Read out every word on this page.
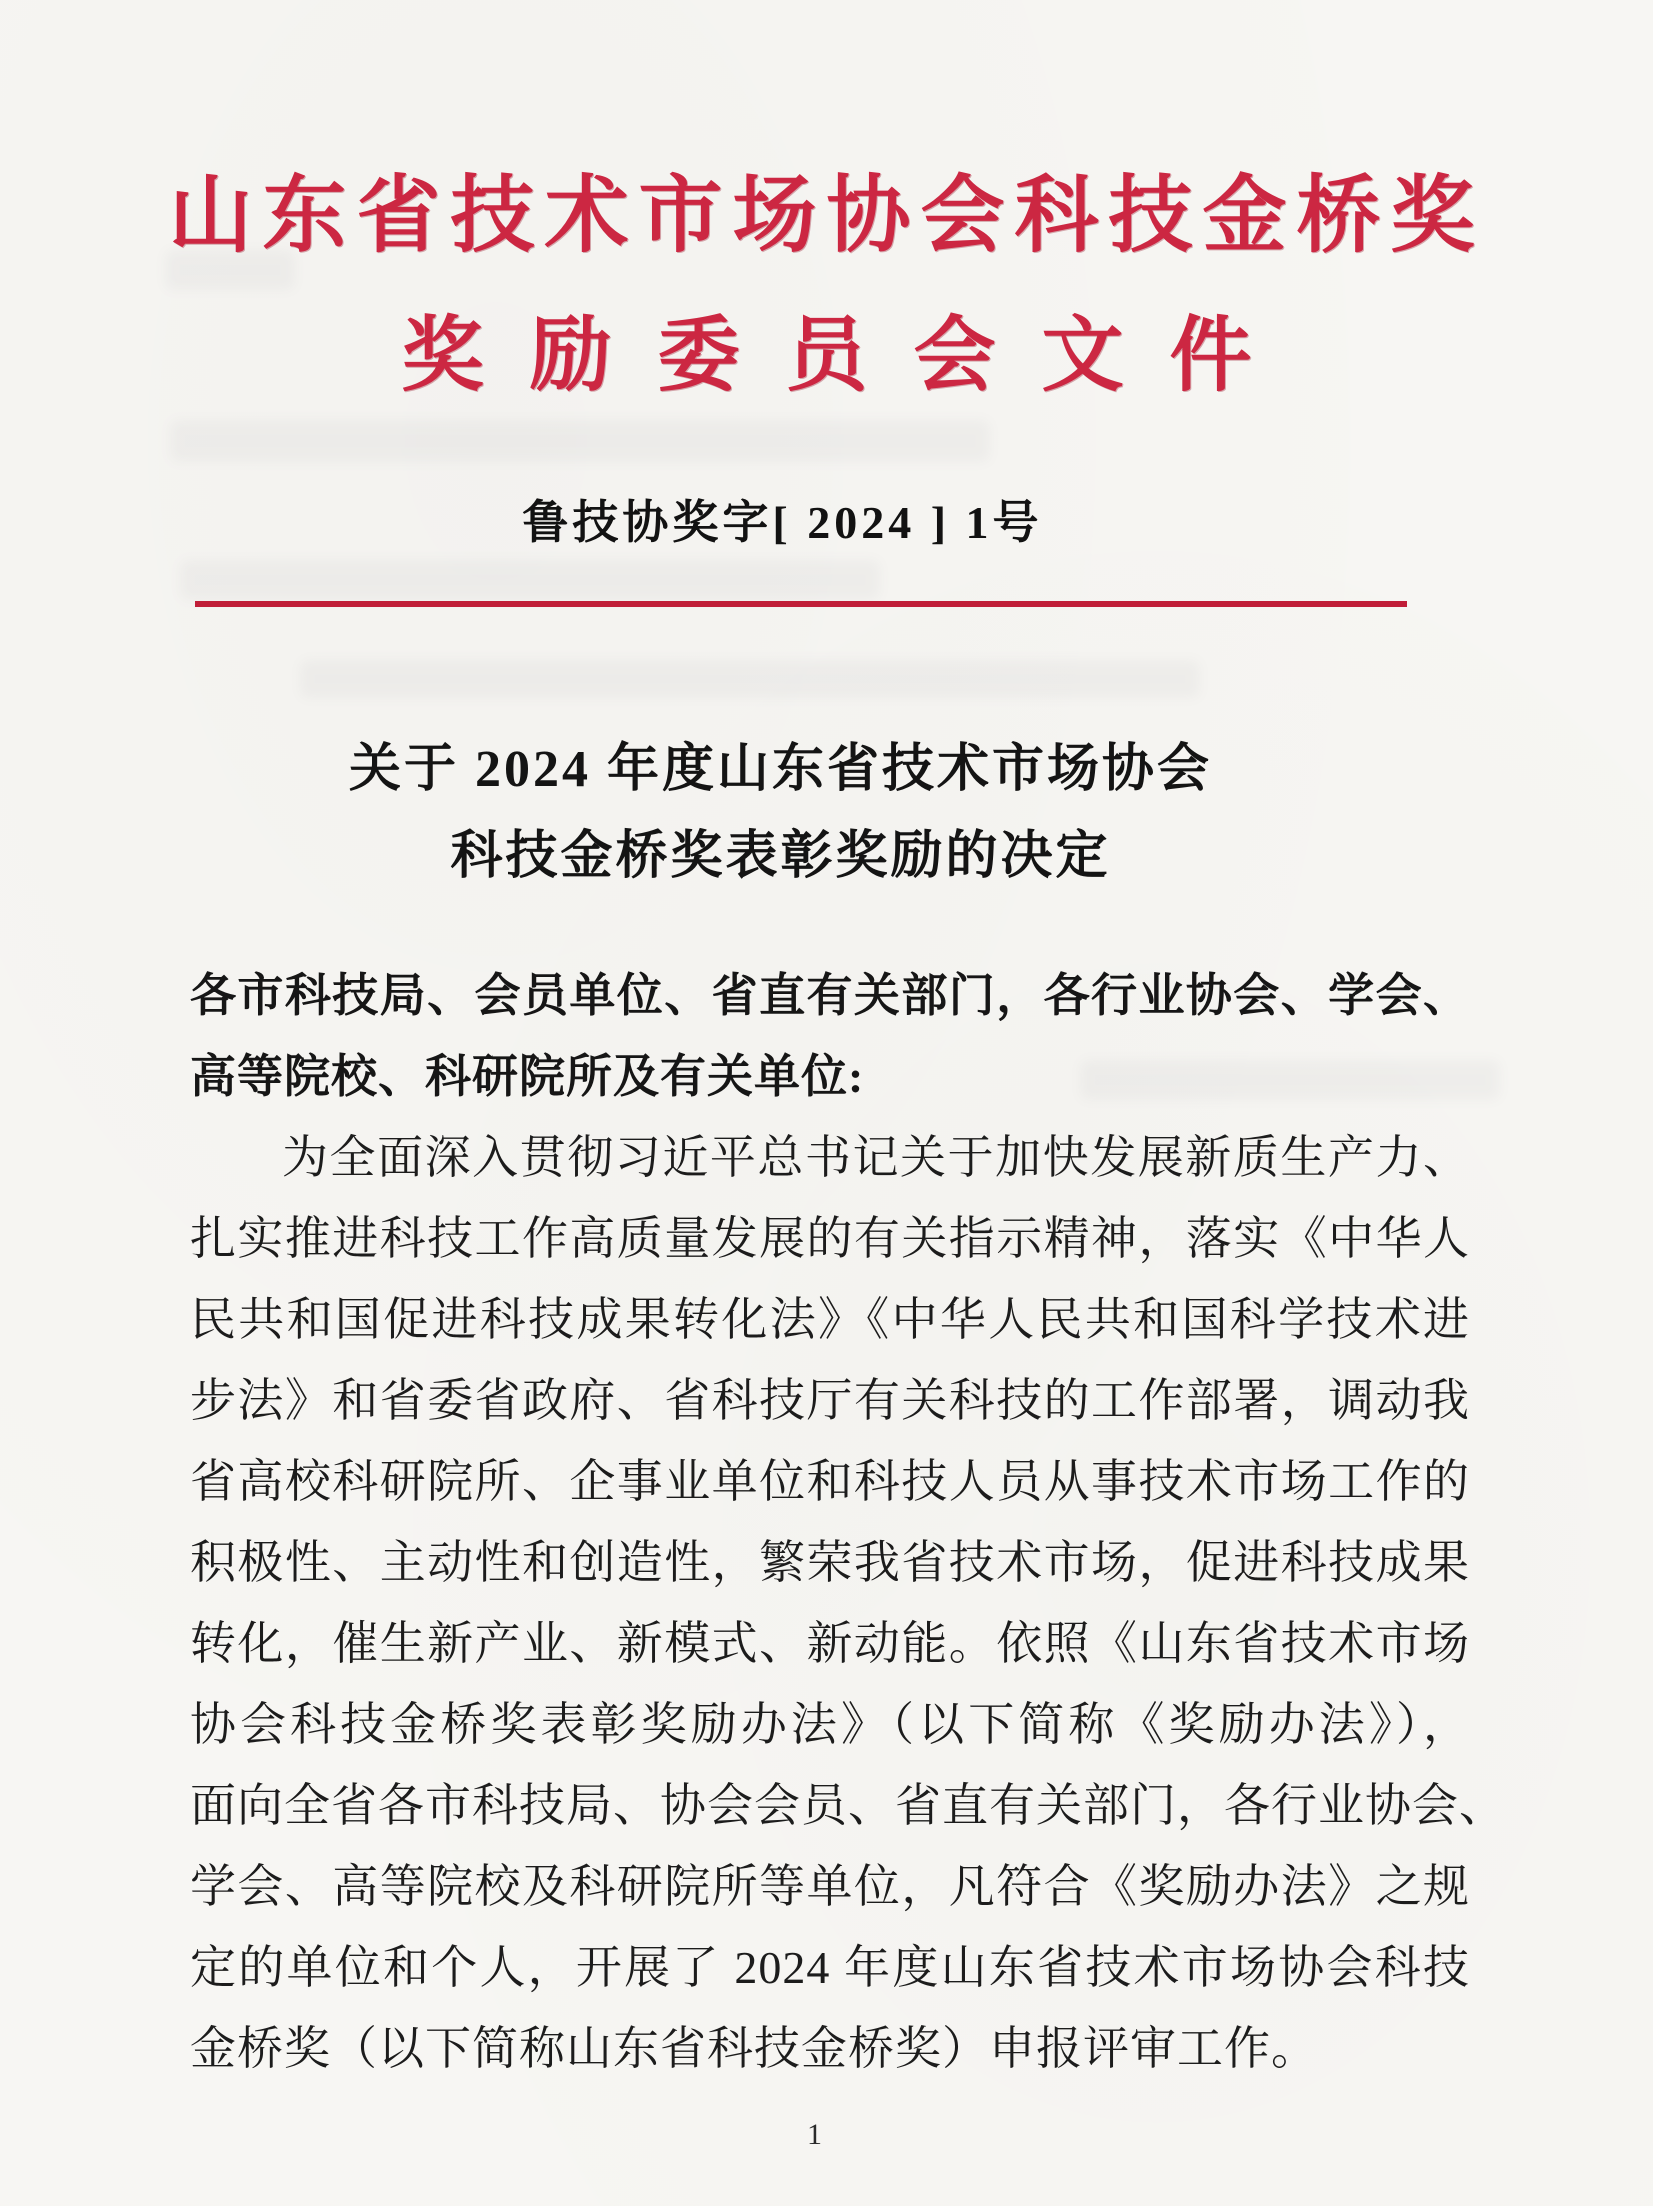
山东省技术市场协会科技金桥奖
奖励委员会文件
鲁技协奖字[ 2024 ] 1号
关于 2024 年度山东省技术市场协会
科技金桥奖表彰奖励的决定
各市科技局、会员单位、省直有关部门，各行业协会、学会、
高等院校、科研院所及有关单位:
为全面深入贯彻习近平总书记关于加快发展新质生产力、
扎实推进科技工作高质量发展的有关指示精神，落实《中华人
民共和国促进科技成果转化法》《中华人民共和国科学技术进
步法》和省委省政府、省科技厅有关科技的工作部署，调动我
省高校科研院所、企事业单位和科技人员从事技术市场工作的
积极性、主动性和创造性，繁荣我省技术市场，促进科技成果
转化，催生新产业、新模式、新动能。依照《山东省技术市场
协会科技金桥奖表彰奖励办法》（以下简称《奖励办法》），
面向全省各市科技局、协会会员、省直有关部门，各行业协会、
学会、高等院校及科研院所等单位，凡符合《奖励办法》之规
定的单位和个人，开展了 2024 年度山东省技术市场协会科技
金桥奖（以下简称山东省科技金桥奖）申报评审工作。
1
